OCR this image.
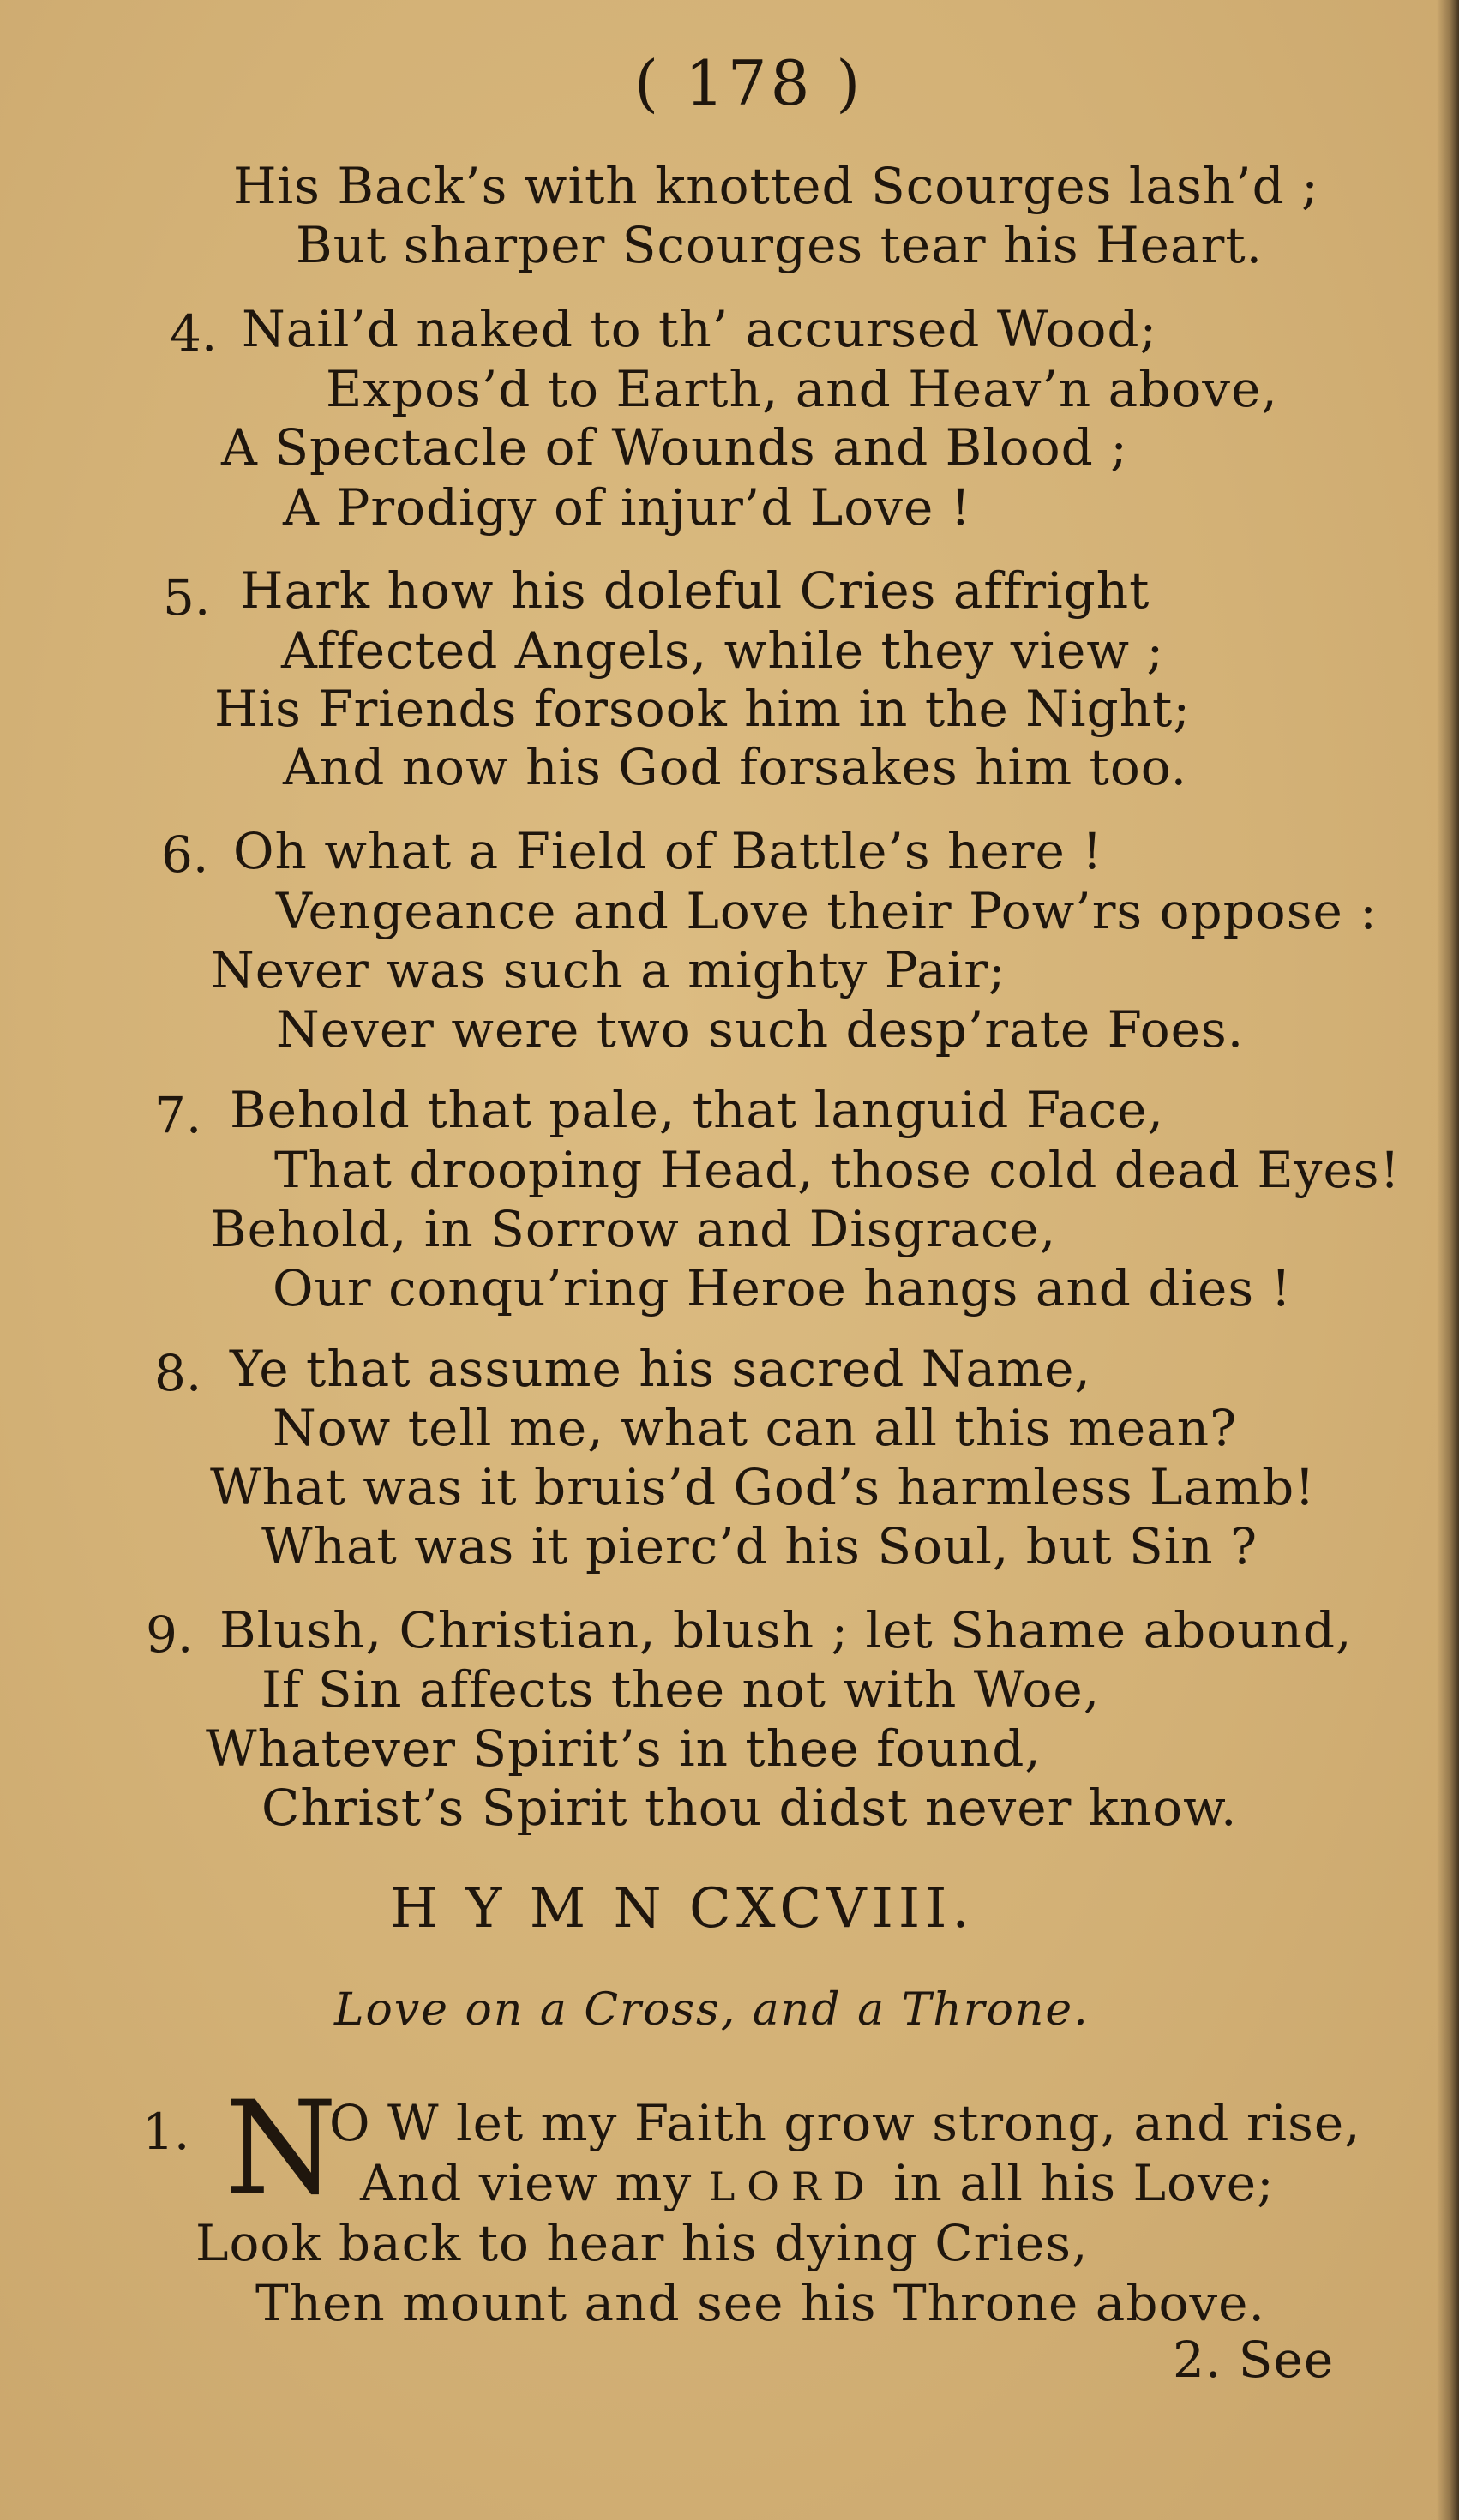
( 178 )
His Back’s with knotted Scourges lash’d ;
But sharper Scourges tear his Heart.
4. Nail’d naked to th’ accursed Wood;
Expos’d to Earth, and Heav’n above,
A Spectacle of Wounds and Blood ;
A Prodigy of injur’d Love !
5. Hark how his doleful Cries affright
Affected Angels, while they view ;
His Friends forsook him in the Night;
And now his God forsakes him too.
6. Oh what a Field of Battle’s here !
Vengeance and Love their Pow’rs oppose :
Never was such a mighty Pair;
Never were two such desp’rate Foes.
7. Behold that pale, that languid Face,
That drooping Head, those cold dead Eyes!
Behold, in Sorrow and Disgrace,
Our conqu’ring Heroe hangs and dies !
8. Ye that assume his sacred Name,
Now tell me, what can all this mean?
What was it bruis’d God’s harmless Lamb!
What was it pierc’d his Soul, but Sin ?
9. Blush, Christian, blush ; let Shame abound,
If Sin affects thee not with Woe,
Whatever Spirit’s in thee found,
Christ’s Spirit thou didst never know.
H Y M N CXCVIII.
Love on a Cross, and a Throne.
1. N
O W let my Faith grow strong, and rise,
And view my LORD in all his Love;
Look back to hear his dying Cries,
Then mount and see his Throne above.
2. See
